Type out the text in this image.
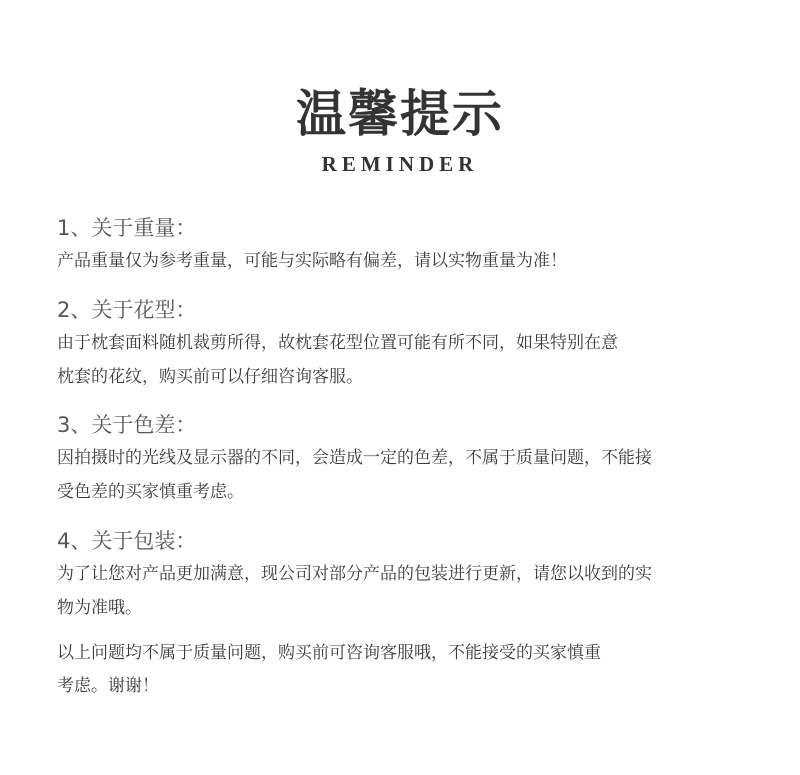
温馨提示
REMINDER
1、关于重量：
产品重量仅为参考重量，可能与实际略有偏差，请以实物重量为准！
2、关于花型：
由于枕套面料随机裁剪所得，故枕套花型位置可能有所不同，如果特别在意
枕套的花纹，购买前可以仔细咨询客服。
3、关于色差：
因拍摄时的光线及显示器的不同，会造成一定的色差，不属于质量问题，不能接
受色差的买家慎重考虑。
4、关于包装：
为了让您对产品更加满意，现公司对部分产品的包装进行更新，请您以收到的实
物为准哦。
以上问题均不属于质量问题，购买前可咨询客服哦，不能接受的买家慎重
考虑。谢谢！
